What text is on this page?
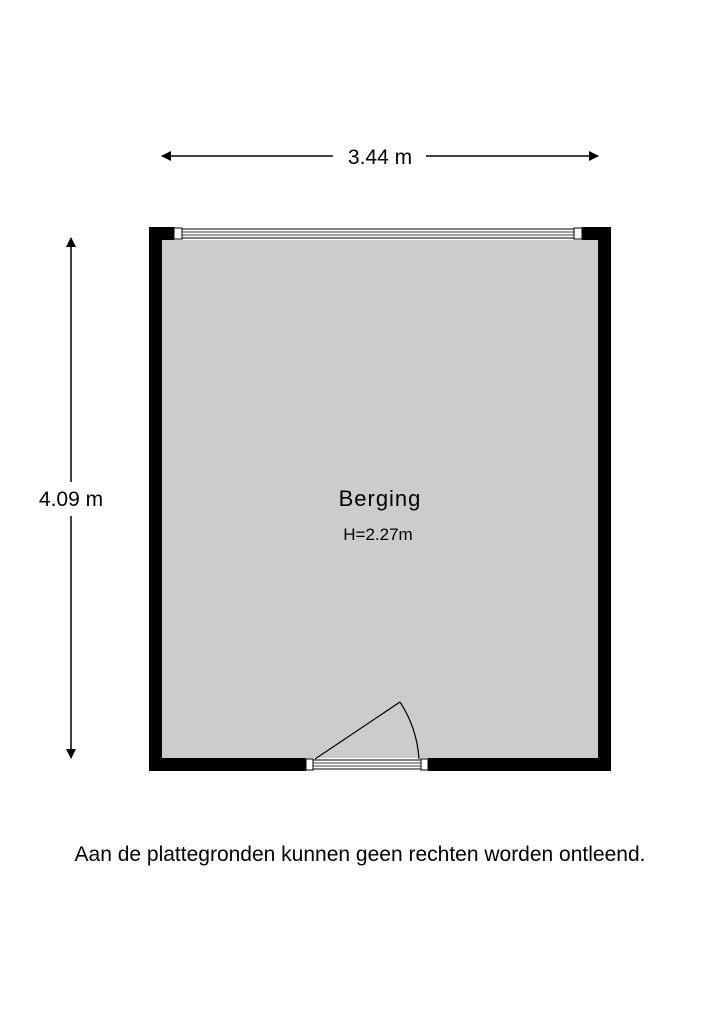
3.44 m
4.09 m	Berging
H=2.27m
Aan de plattegronden kunnen geen rechten worden ontleend.
